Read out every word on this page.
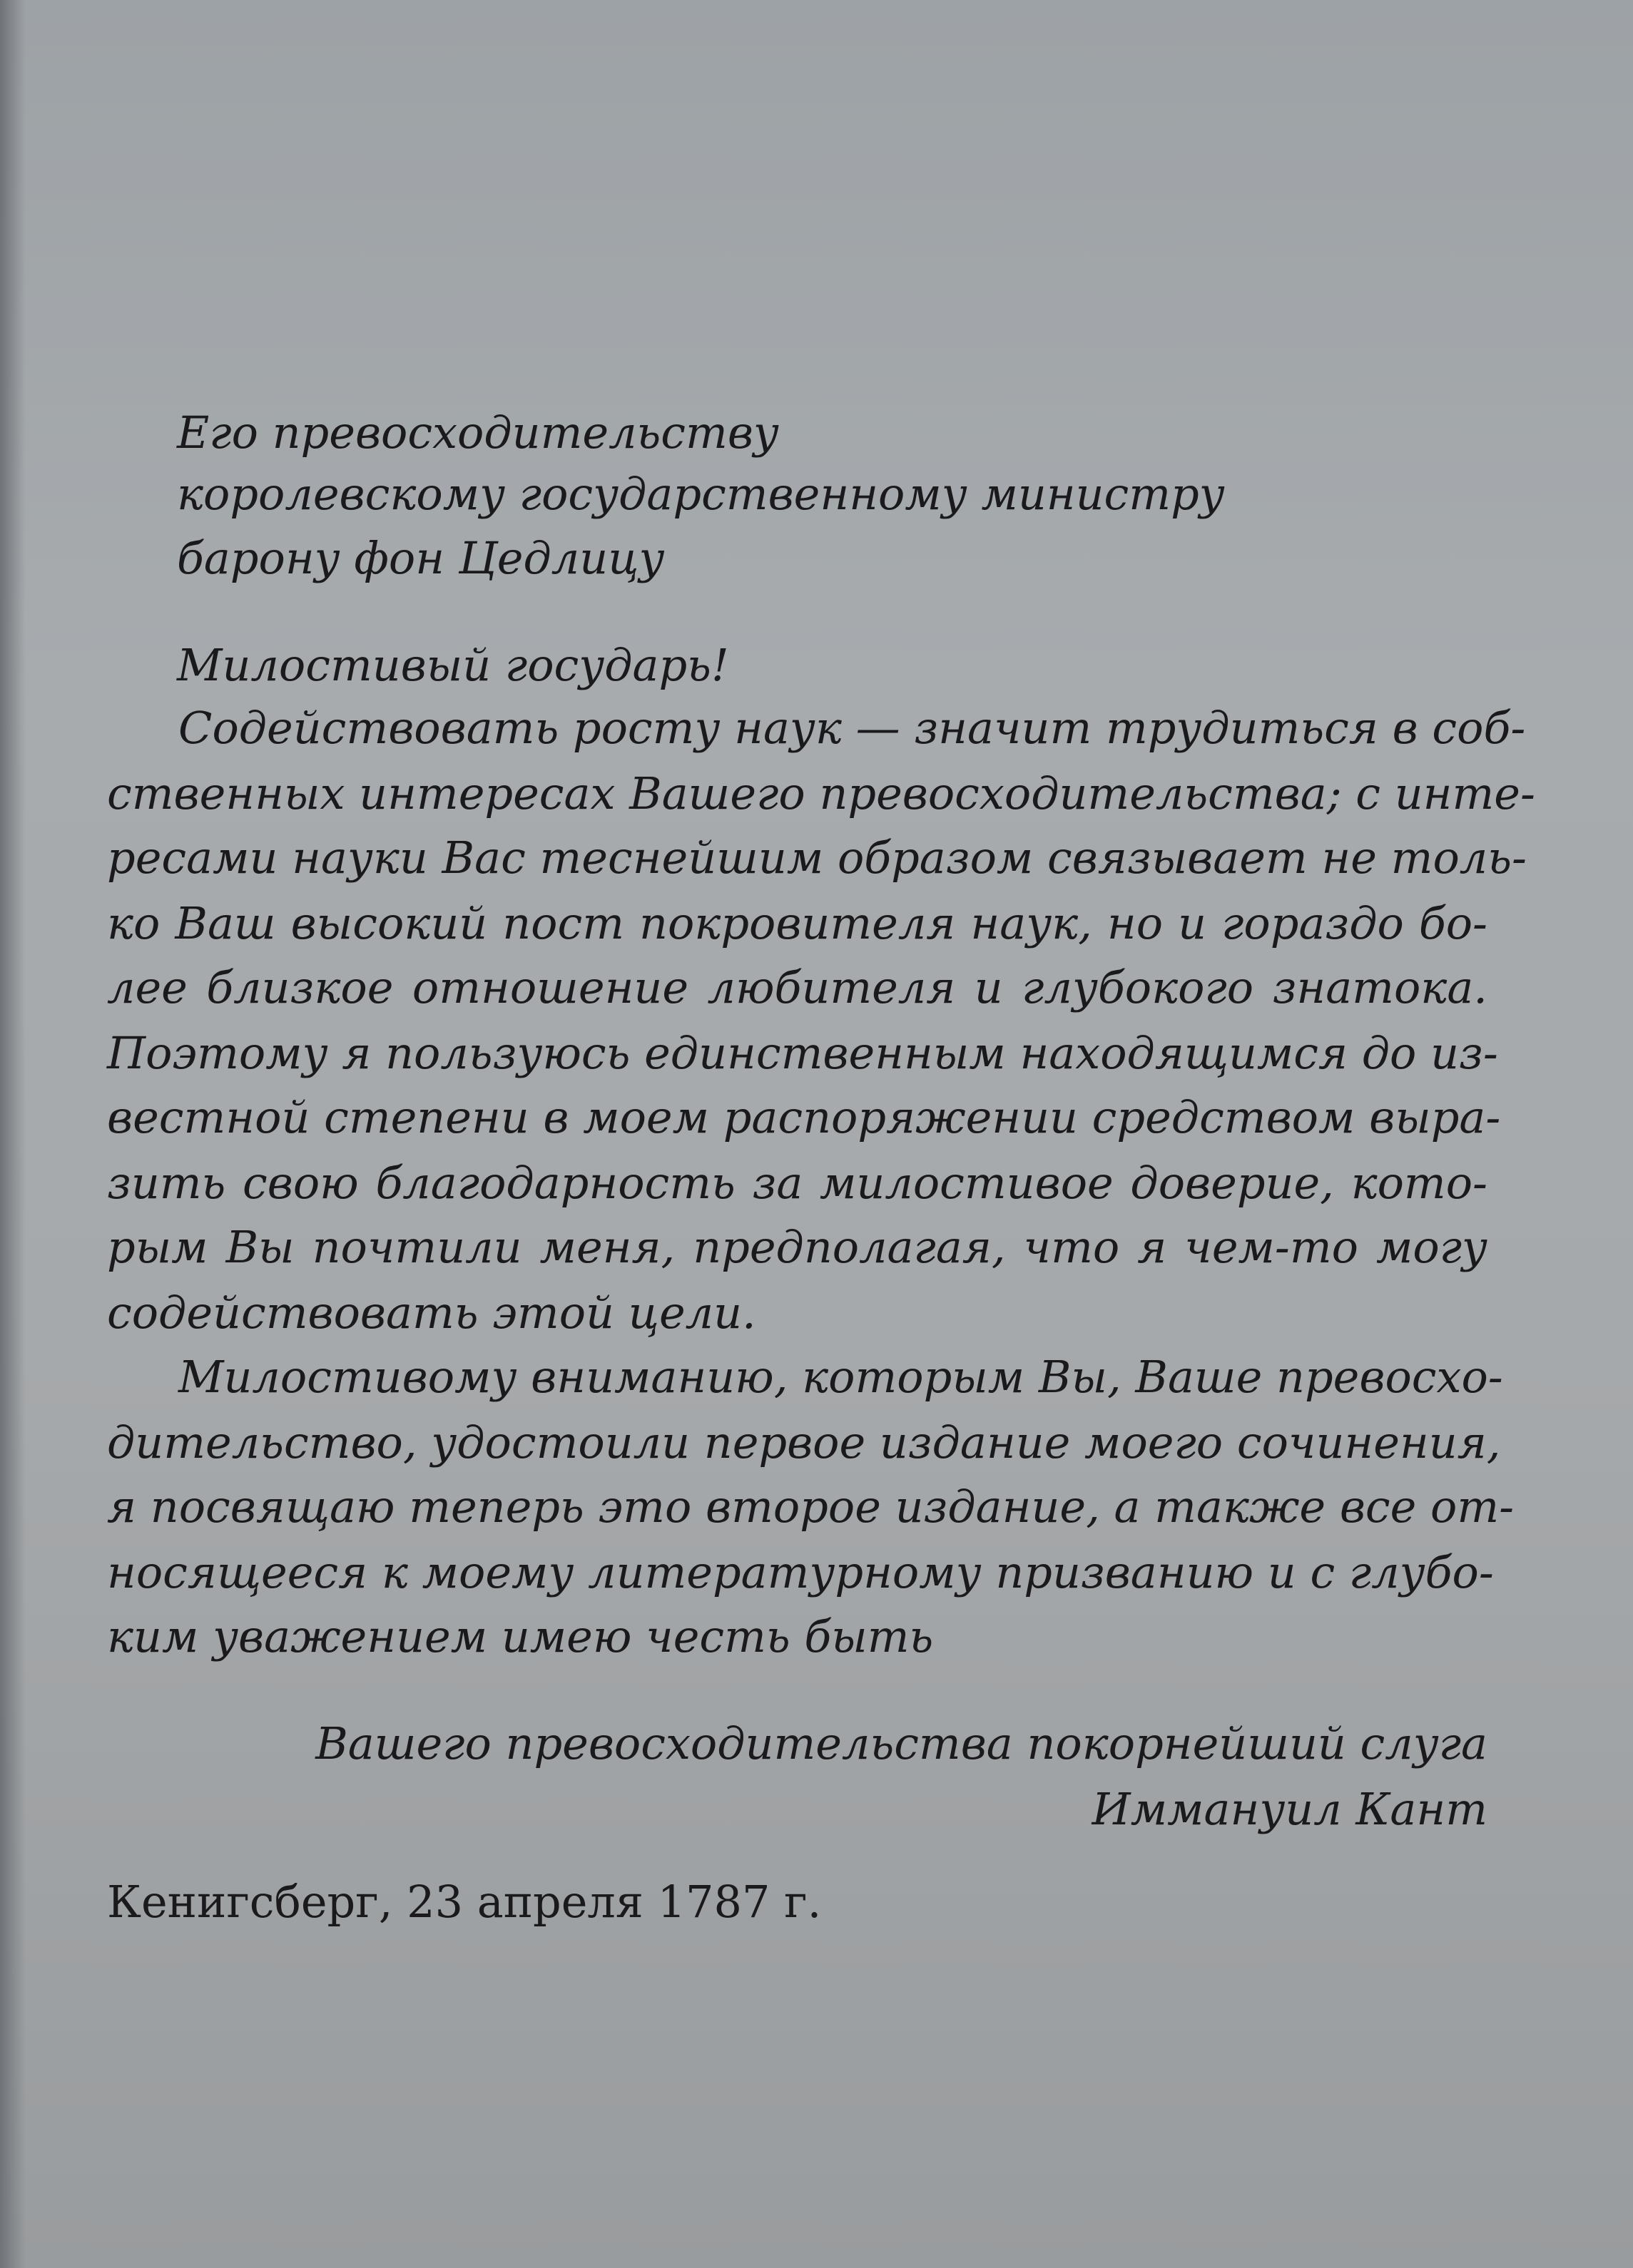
Его превосходительству

королевскому государственному министру

барону фон Цедлицу

Милостивый государь!

Содействовать росту наук — значит трудиться в соб-

ственных интересах Вашего превосходительства; с инте-

ресами науки Вас теснейшим образом связывает не толь-

ко Ваш высокий пост покровителя наук, но и гораздо бо-

лее близкое отношение любителя и глубокого знатока.

Поэтому я пользуюсь единственным находящимся до из-

вестной степени в моем распоряжении средством выра-

зить свою благодарность за милостивое доверие, кото-

рым Вы почтили меня, предполагая, что я чем-то могу

содействовать этой цели.

Милостивому вниманию, которым Вы, Ваше превосхо-

дительство, удостоили первое издание моего сочинения,

я посвящаю теперь это второе издание, а также все от-

носящееся к моему литературному призванию и с глубо-

ким уважением имею честь быть

Вашего превосходительства покорнейший слуга

Иммануил Кант

Кенигсберг, 23 апреля 1787 г.
